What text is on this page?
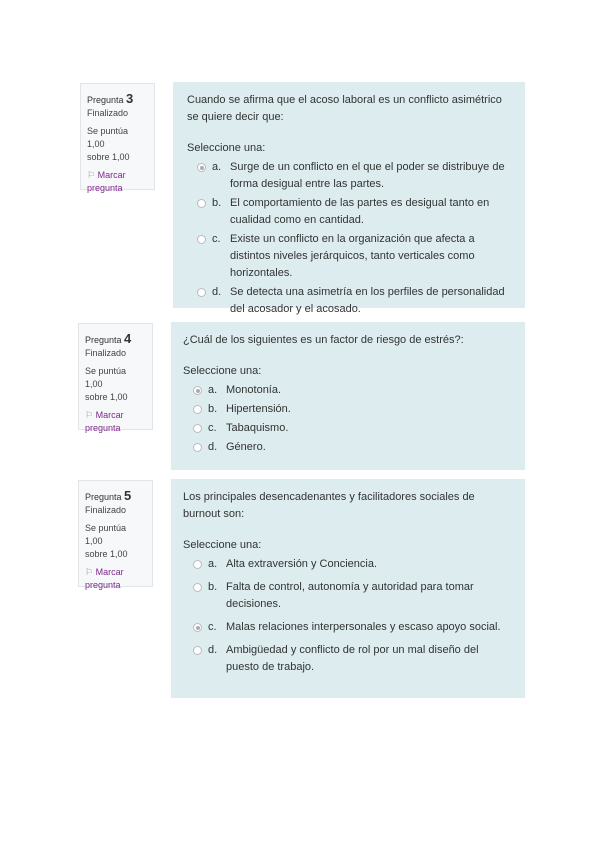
Pregunta 3
Finalizado
Se puntúa 1,00
sobre 1,00
⚐ Marcar
pregunta

Cuando se afirma que el acoso laboral es un conflicto asimétrico se quiere decir que:

Seleccione una:

a. Surge de un conflicto en el que el poder se distribuye de forma desigual entre las partes.
b. El comportamiento de las partes es desigual tanto en cualidad como en cantidad.
c. Existe un conflicto en la organización que afecta a distintos niveles jerárquicos, tanto verticales como horizontales.
d. Se detecta una asimetría en los perfiles de personalidad del acosador y el acosado.
Pregunta 4
Finalizado
Se puntúa 1,00
sobre 1,00
⚐ Marcar
pregunta

¿Cuál de los siguientes es un factor de riesgo de estrés?:

Seleccione una:

a. Monotonía.
b. Hipertensión.
c. Tabaquismo.
d. Género.
Pregunta 5
Finalizado
Se puntúa 1,00
sobre 1,00
⚐ Marcar
pregunta

Los principales desencadenantes y facilitadores sociales de burnout son:

Seleccione una:

a. Alta extraversión y Conciencia.
b. Falta de control, autonomía y autoridad para tomar decisiones.
c. Malas relaciones interpersonales y escaso apoyo social.
d. Ambigüedad y conflicto de rol por un mal diseño del puesto de trabajo.
